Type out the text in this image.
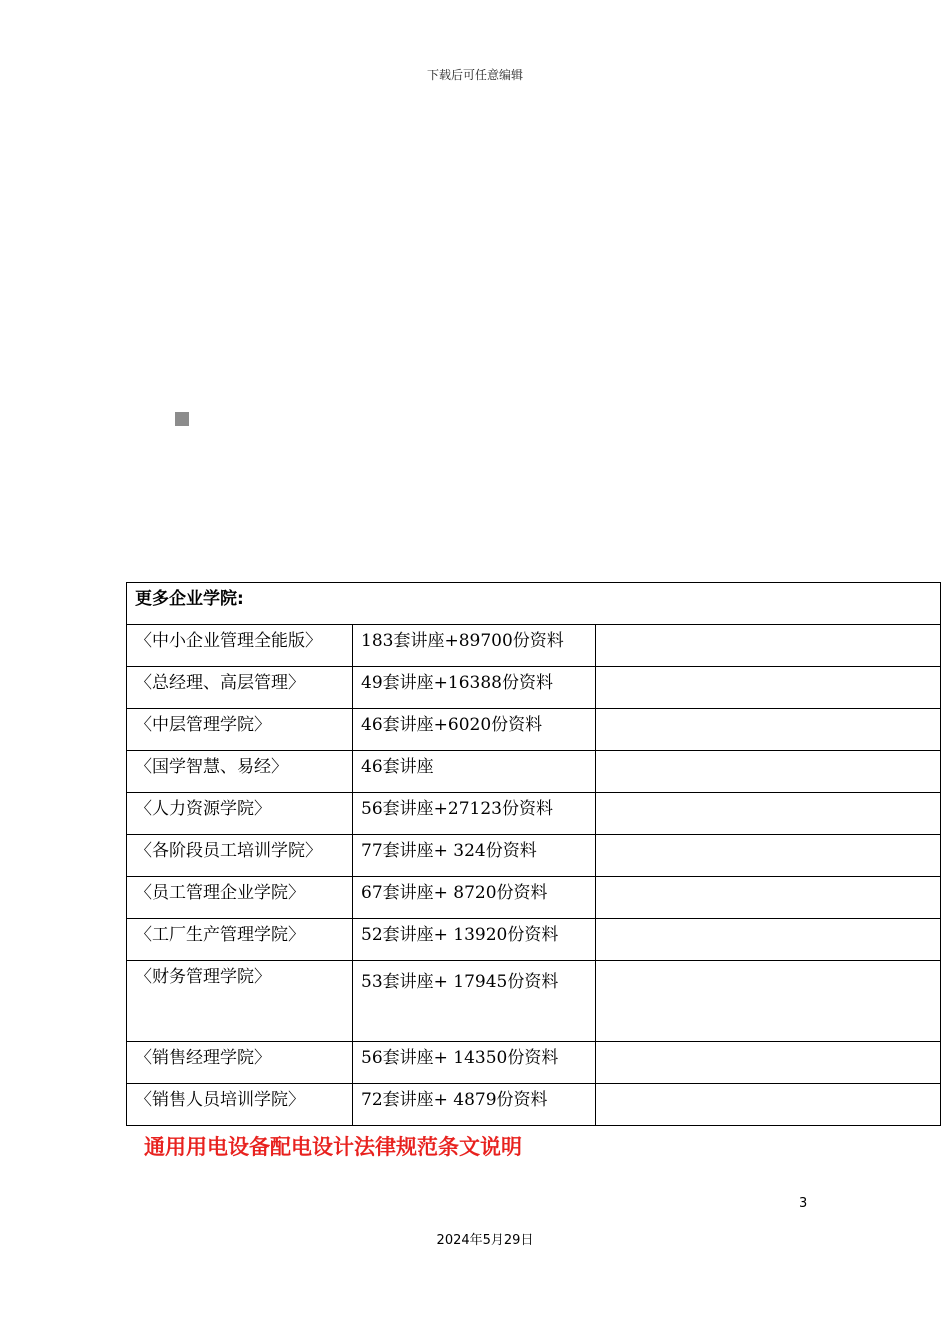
下载后可任意编辑
更多企业学院:		
〈中小企业管理全能版〉	183套讲座+89700份资料	
〈总经理、高层管理〉	49套讲座+16388份资料	
〈中层管理学院〉	46套讲座+6020份资料	
〈国学智慧、易经〉	46套讲座	
〈人力资源学院〉	56套讲座+27123份资料	
〈各阶段员工培训学院〉	77套讲座+ 324份资料	
〈员工管理企业学院〉	67套讲座+ 8720份资料	
〈工厂生产管理学院〉	52套讲座+ 13920份资料	
〈财务管理学院〉	53套讲座+ 17945份资料	
〈销售经理学院〉	56套讲座+ 14350份资料	
〈销售人员培训学院〉	72套讲座+ 4879份资料	
通用用电设备配电设计法律规范条文说明
3
2024年5月29日
